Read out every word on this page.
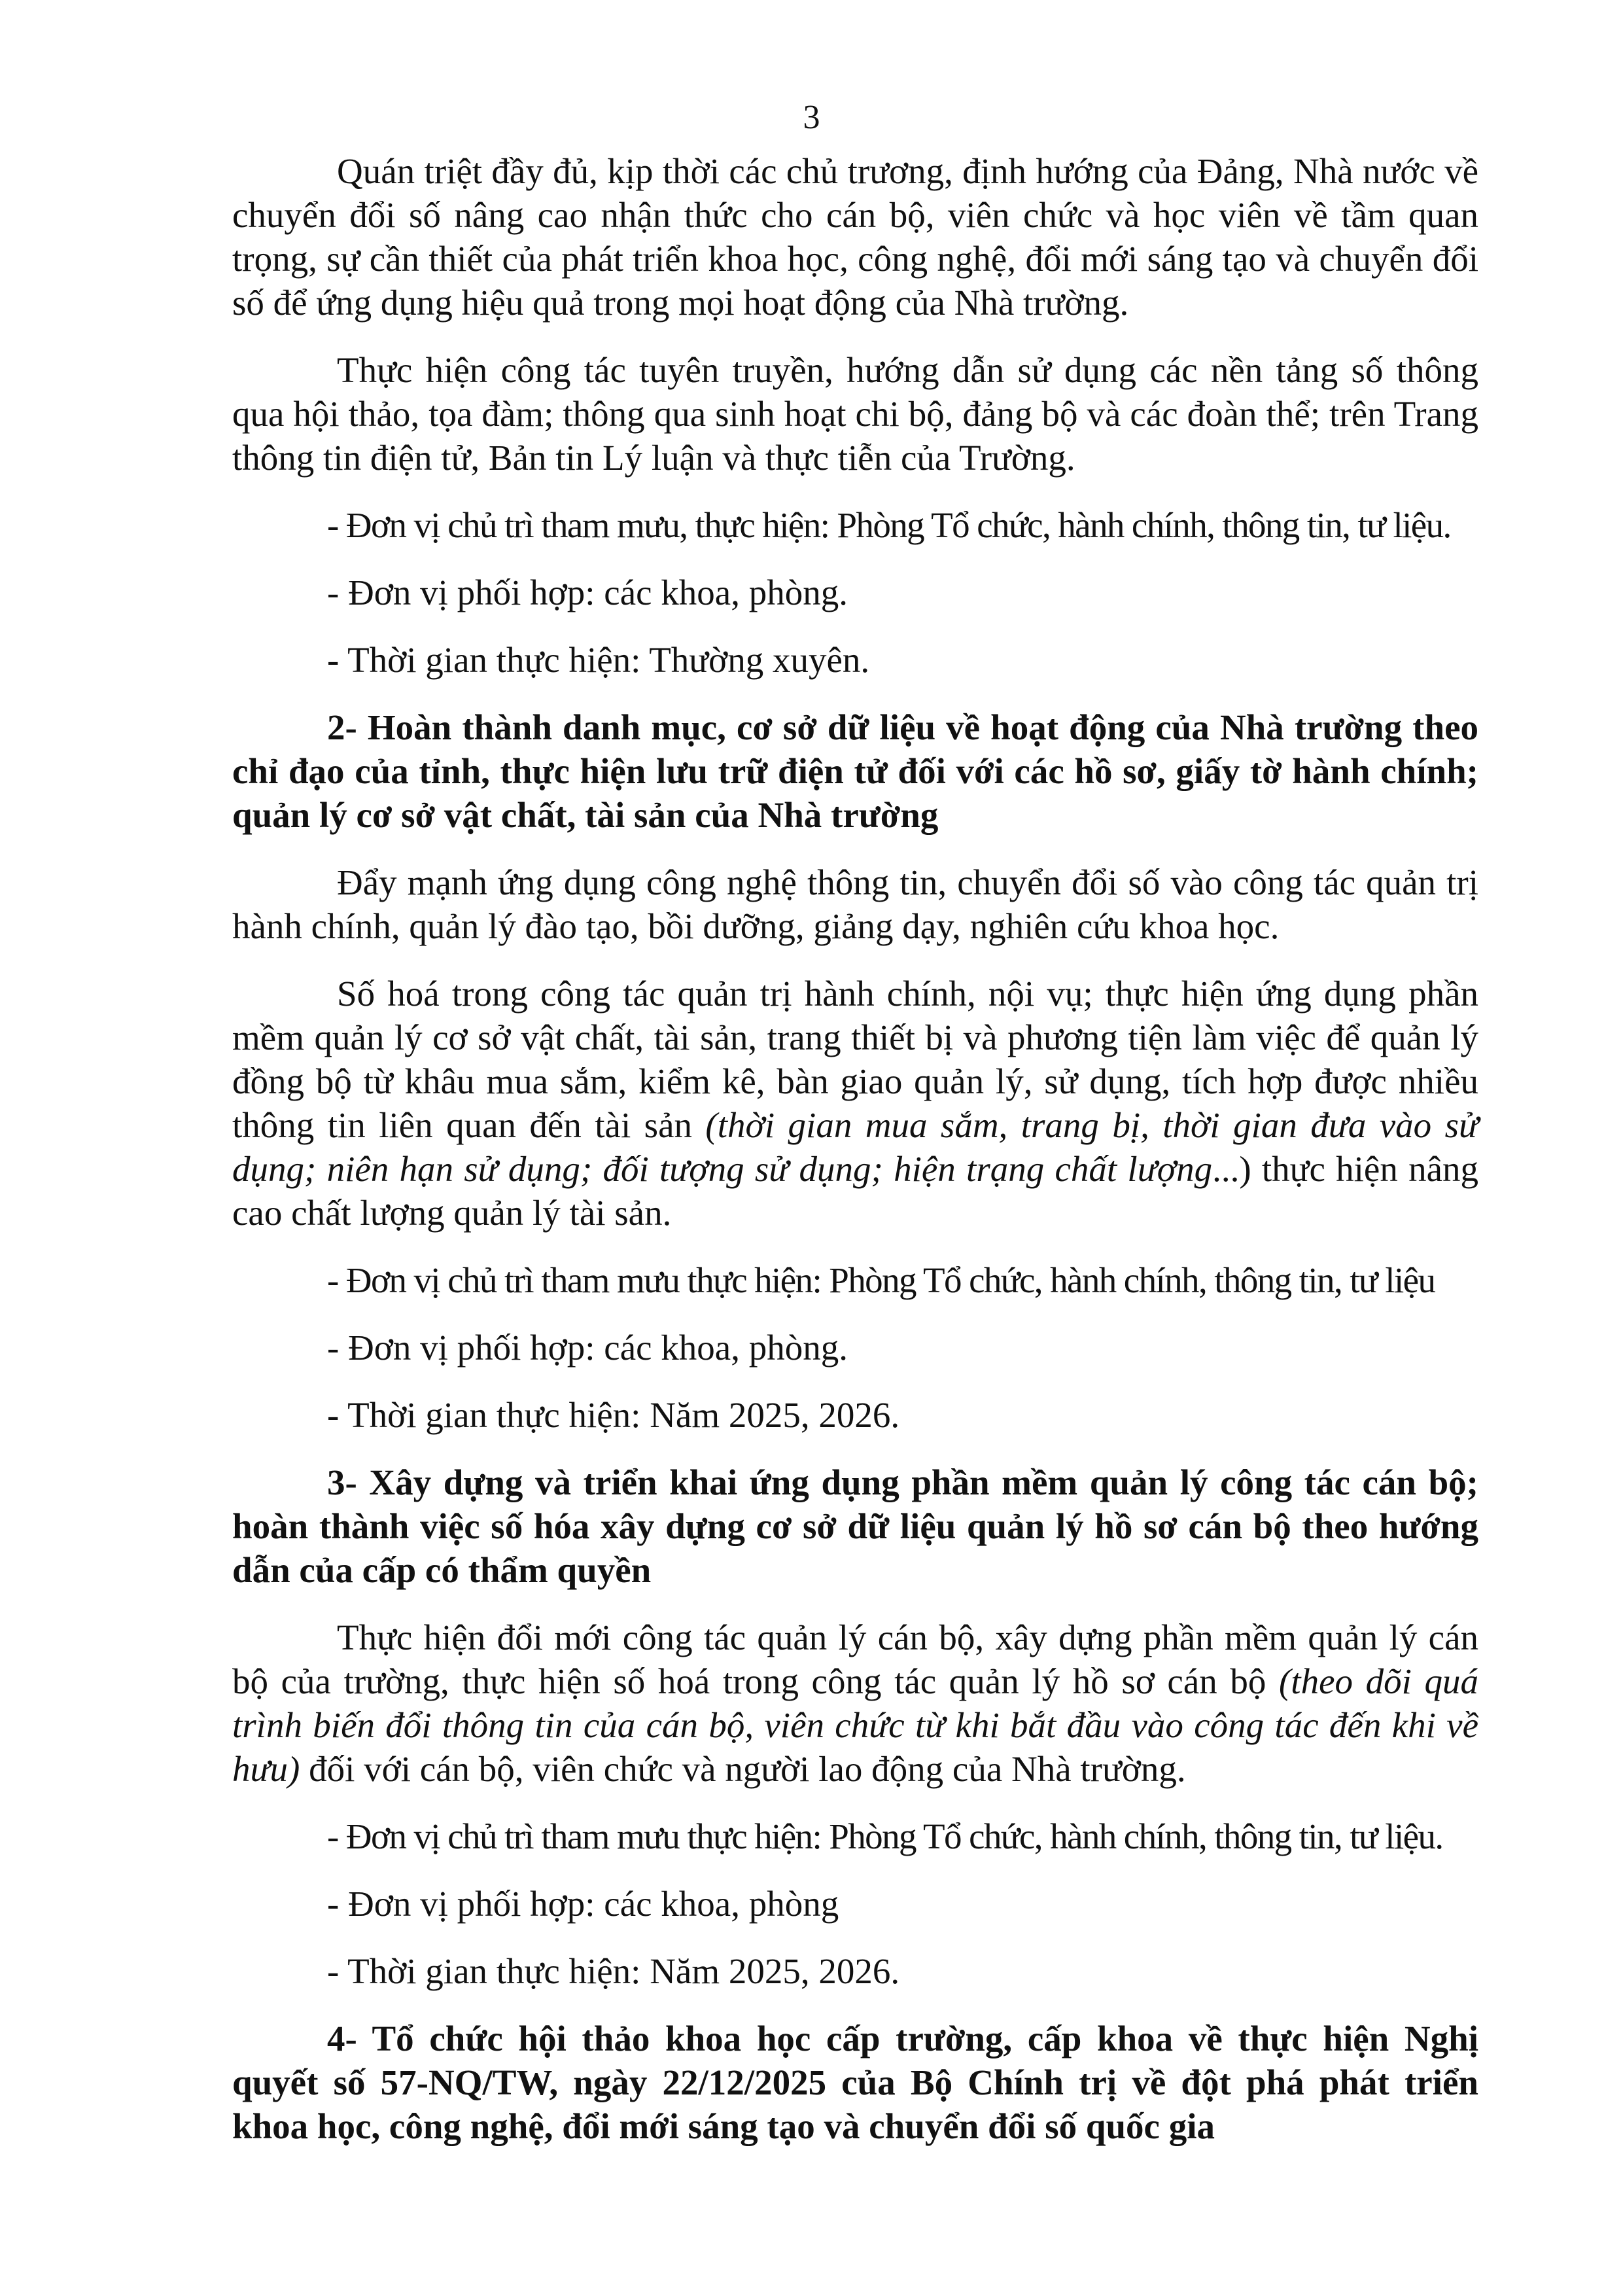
3

Quán triệt đầy đủ, kịp thời các chủ trương, định hướng của Đảng, Nhà nước về chuyển đổi số nâng cao nhận thức cho cán bộ, viên chức và học viên về tầm quan trọng, sự cần thiết của phát triển khoa học, công nghệ, đổi mới sáng tạo và chuyển đổi số để ứng dụng hiệu quả trong mọi hoạt động của Nhà trường.

Thực hiện công tác tuyên truyền, hướng dẫn sử dụng các nền tảng số thông qua hội thảo, tọa đàm; thông qua sinh hoạt chi bộ, đảng bộ và các đoàn thể; trên Trang thông tin điện tử, Bản tin Lý luận và thực tiễn của Trường.

- Đơn vị chủ trì tham mưu, thực hiện: Phòng Tổ chức, hành chính, thông tin, tư liệu.
- Đơn vị phối hợp: các khoa, phòng.
- Thời gian thực hiện: Thường xuyên.

2- Hoàn thành danh mục, cơ sở dữ liệu về hoạt động của Nhà trường theo chỉ đạo của tỉnh, thực hiện lưu trữ điện tử đối với các hồ sơ, giấy tờ hành chính; quản lý cơ sở vật chất, tài sản của Nhà trường

Đẩy mạnh ứng dụng công nghệ thông tin, chuyển đổi số vào công tác quản trị hành chính, quản lý đào tạo, bồi dưỡng, giảng dạy, nghiên cứu khoa học.

Số hoá trong công tác quản trị hành chính, nội vụ; thực hiện ứng dụng phần mềm quản lý cơ sở vật chất, tài sản, trang thiết bị và phương tiện làm việc để quản lý đồng bộ từ khâu mua sắm, kiểm kê, bàn giao quản lý, sử dụng, tích hợp được nhiều thông tin liên quan đến tài sản (thời gian mua sắm, trang bị, thời gian đưa vào sử dụng; niên hạn sử dụng; đối tượng sử dụng; hiện trạng chất lượng...) thực hiện nâng cao chất lượng quản lý tài sản.

- Đơn vị chủ trì tham mưu thực hiện: Phòng Tổ chức, hành chính, thông tin, tư liệu
- Đơn vị phối hợp: các khoa, phòng.
- Thời gian thực hiện: Năm 2025, 2026.

3- Xây dựng và triển khai ứng dụng phần mềm quản lý công tác cán bộ; hoàn thành việc số hóa xây dựng cơ sở dữ liệu quản lý hồ sơ cán bộ theo hướng dẫn của cấp có thẩm quyền

Thực hiện đổi mới công tác quản lý cán bộ, xây dựng phần mềm quản lý cán bộ của trường, thực hiện số hoá trong công tác quản lý hồ sơ cán bộ (theo dõi quá trình biến đổi thông tin của cán bộ, viên chức từ khi bắt đầu vào công tác đến khi về hưu) đối với cán bộ, viên chức và người lao động của Nhà trường.

- Đơn vị chủ trì tham mưu thực hiện: Phòng Tổ chức, hành chính, thông tin, tư liệu.
- Đơn vị phối hợp: các khoa, phòng
- Thời gian thực hiện: Năm 2025, 2026.

4- Tổ chức hội thảo khoa học cấp trường, cấp khoa về thực hiện Nghị quyết số 57-NQ/TW, ngày 22/12/2025 của Bộ Chính trị về đột phá phát triển khoa học, công nghệ, đổi mới sáng tạo và chuyển đổi số quốc gia
